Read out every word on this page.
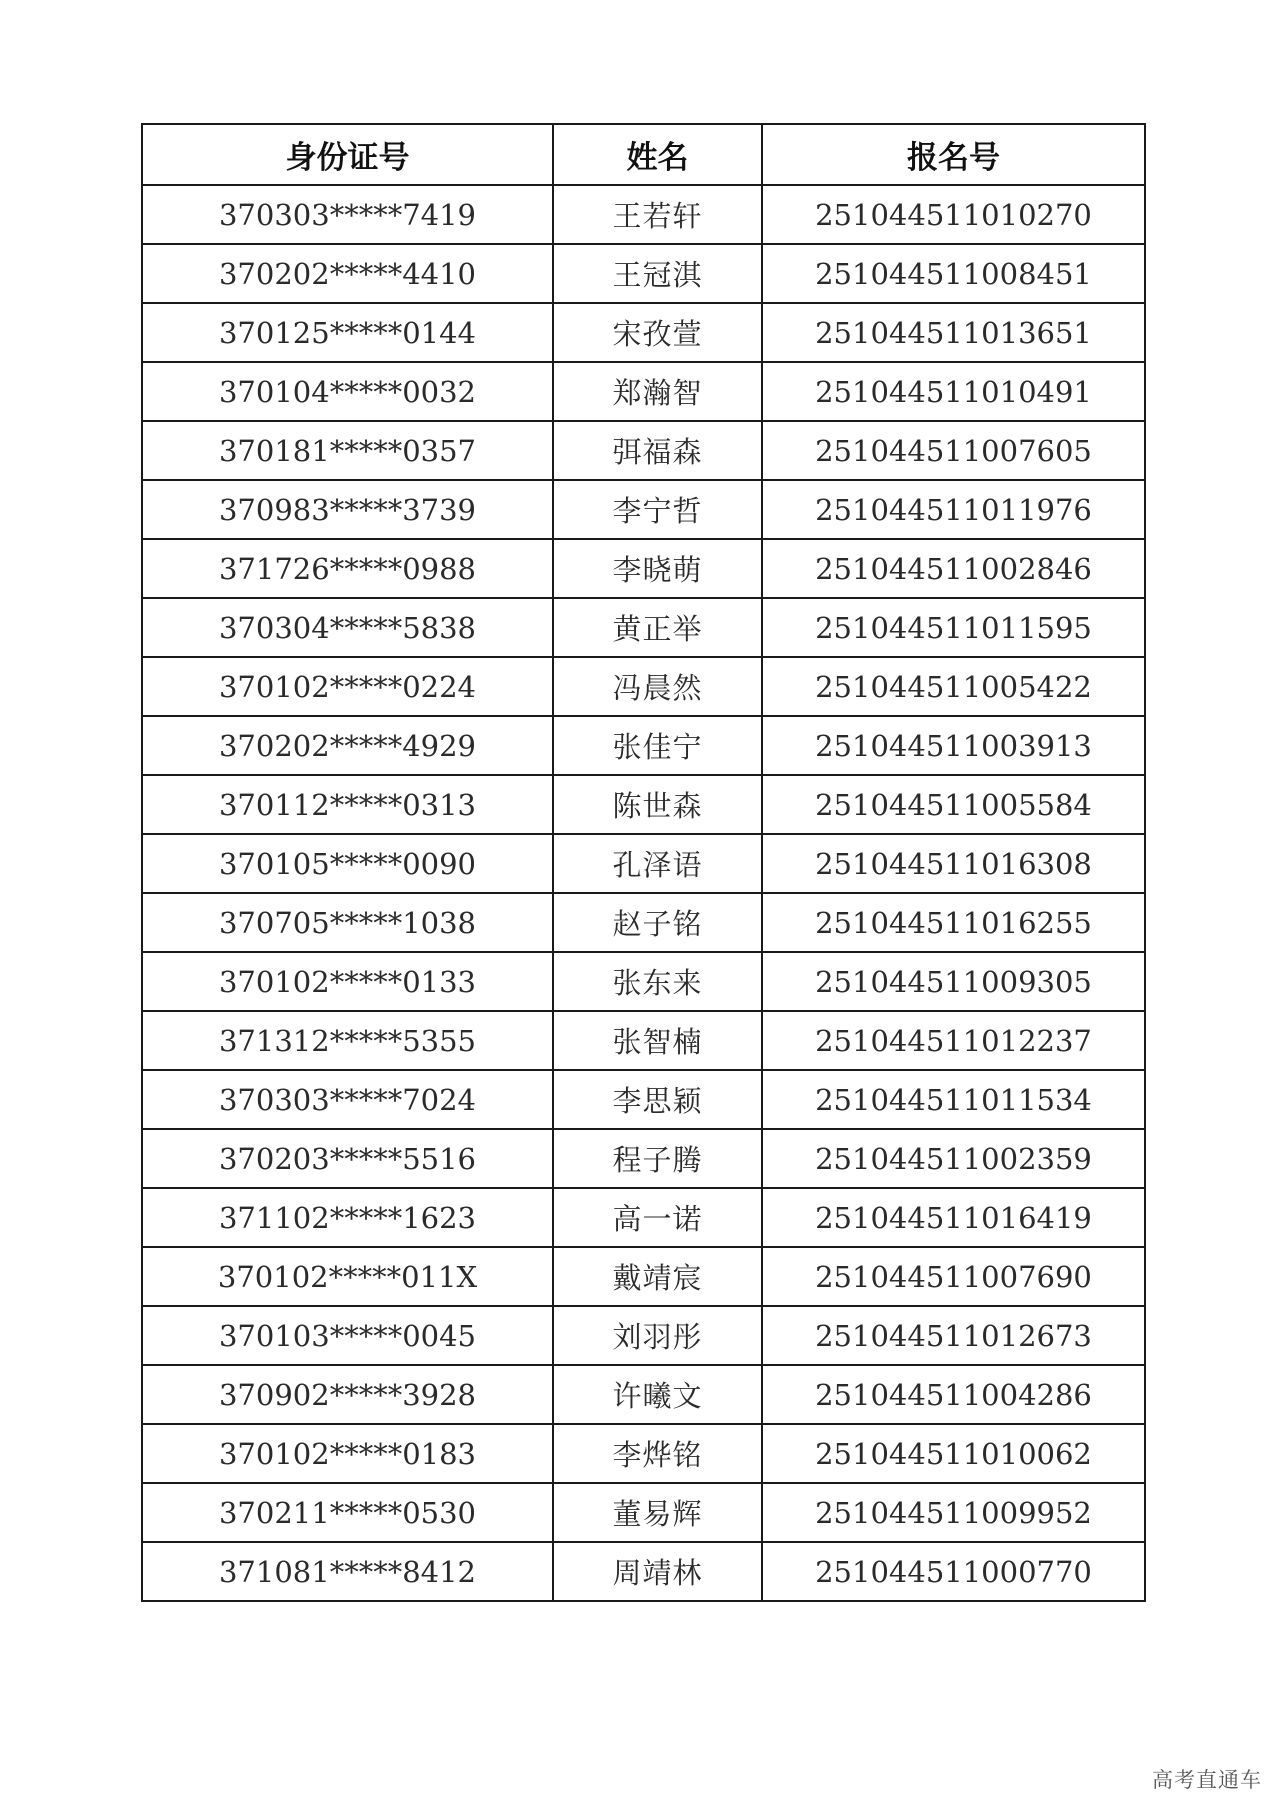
身份证号	姓名	报名号
370303*****7419	王若轩	251044511010270
370202*****4410	王冠淇	251044511008451
370125*****0144	宋孜萱	251044511013651
370104*****0032	郑瀚智	251044511010491
370181*****0357	弭福森	251044511007605
370983*****3739	李宁哲	251044511011976
371726*****0988	李晓萌	251044511002846
370304*****5838	黄正举	251044511011595
370102*****0224	冯晨然	251044511005422
370202*****4929	张佳宁	251044511003913
370112*****0313	陈世森	251044511005584
370105*****0090	孔泽语	251044511016308
370705*****1038	赵子铭	251044511016255
370102*****0133	张东来	251044511009305
371312*****5355	张智楠	251044511012237
370303*****7024	李思颖	251044511011534
370203*****5516	程子腾	251044511002359
371102*****1623	高一诺	251044511016419
370102*****011X	戴靖宸	251044511007690
370103*****0045	刘羽彤	251044511012673
370902*****3928	许曦文	251044511004286
370102*****0183	李烨铭	251044511010062
370211*****0530	董易辉	251044511009952
371081*****8412	周靖林	251044511000770
高考直通车
